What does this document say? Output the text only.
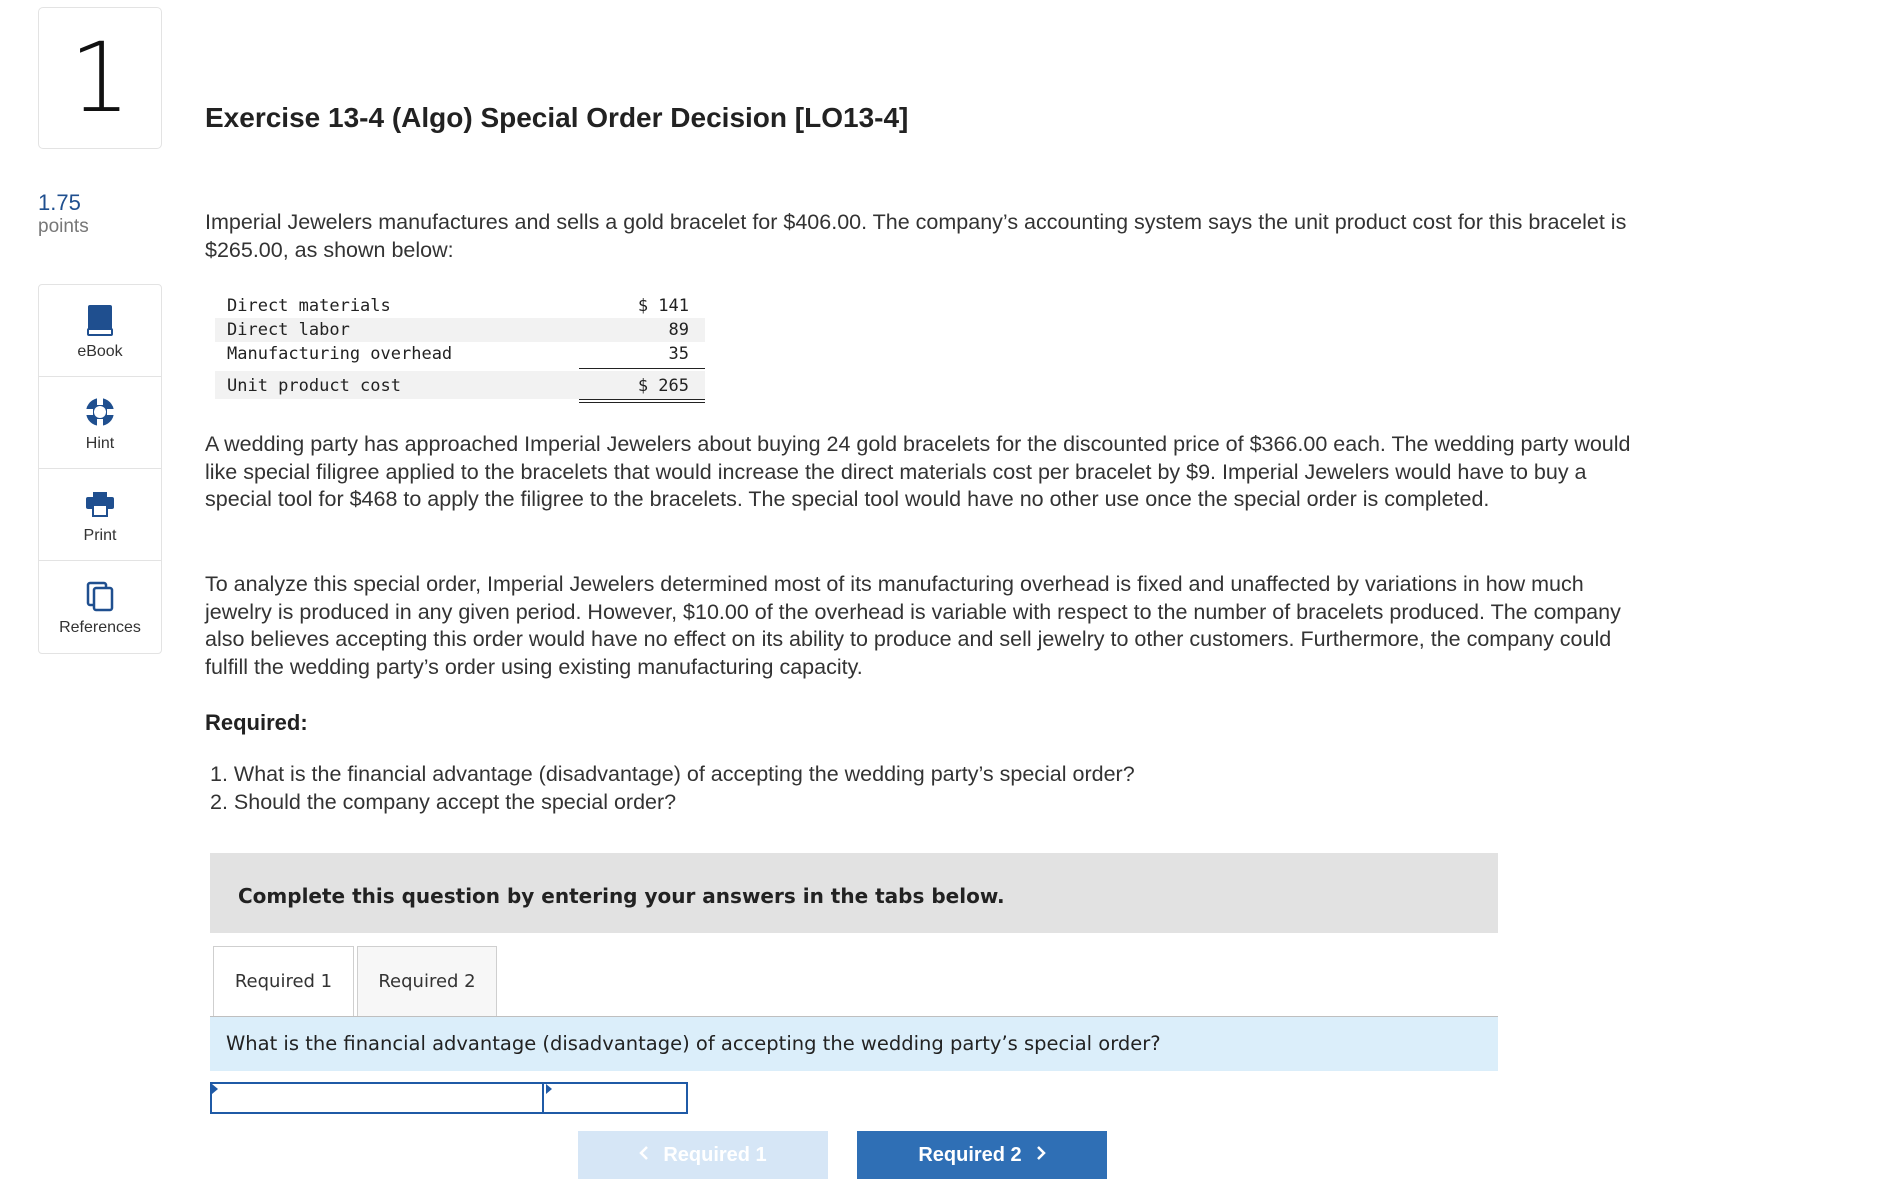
1
1.75
points
eBook
Hint
Print
References
Exercise 13-4 (Algo) Special Order Decision [LO13-4]
Imperial Jewelers manufactures and sells a gold bracelet for $406.00. The company’s accounting system says the unit product cost for this bracelet is $265.00, as shown below:
Direct materials	$ 141
Direct labor	89
Manufacturing overhead	35
Unit product cost	$ 265
A wedding party has approached Imperial Jewelers about buying 24 gold bracelets for the discounted price of $366.00 each. The wedding party would like special filigree applied to the bracelets that would increase the direct materials cost per bracelet by $9. Imperial Jewelers would have to buy a special tool for $468 to apply the filigree to the bracelets. The special tool would have no other use once the special order is completed.
To analyze this special order, Imperial Jewelers determined most of its manufacturing overhead is fixed and unaffected by variations in how much jewelry is produced in any given period. However, $10.00 of the overhead is variable with respect to the number of bracelets produced. The company also believes accepting this order would have no effect on its ability to produce and sell jewelry to other customers. Furthermore, the company could fulfill the wedding party’s order using existing manufacturing capacity.
Required:
1. What is the financial advantage (disadvantage) of accepting the wedding party’s special order?
2. Should the company accept the special order?
Complete this question by entering your answers in the tabs below.
Required 1	Required 2
What is the financial advantage (disadvantage) of accepting the wedding party’s special order?
Required 1	Required 2
